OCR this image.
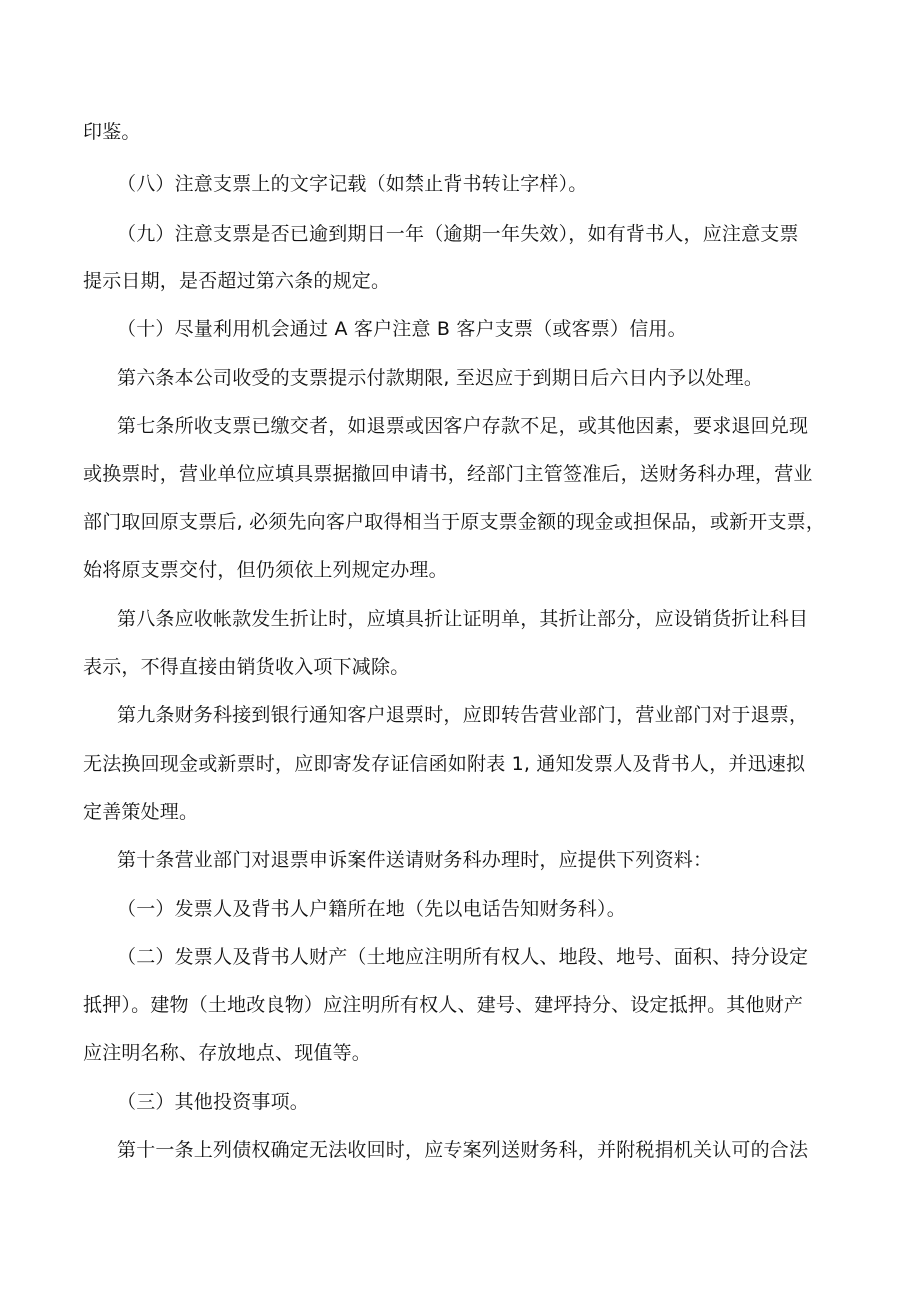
印鉴。
（八）注意支票上的文字记载（如禁止背书转让字样）。
（九）注意支票是否已逾到期日一年（逾期一年失效），如有背书人，应注意支票
提示日期，是否超过第六条的规定。
（十）尽量利用机会通过 A 客户注意 B 客户支票（或客票）信用。
第六条本公司收受的支票提示付款期限, 至迟应于到期日后六日内予以处理。
第七条所收支票已缴交者，如退票或因客户存款不足，或其他因素，要求退回兑现
或换票时，营业单位应填具票据撤回申请书，经部门主管签准后，送财务科办理，营业
部门取回原支票后, 必须先向客户取得相当于原支票金额的现金或担保品，或新开支票，
始将原支票交付，但仍须依上列规定办理。
第八条应收帐款发生折让时，应填具折让证明单，其折让部分，应设销货折让科目
表示，不得直接由销货收入项下减除。
第九条财务科接到银行通知客户退票时，应即转告营业部门，营业部门对于退票，
无法换回现金或新票时，应即寄发存证信函如附表 1, 通知发票人及背书人，并迅速拟
定善策处理。
第十条营业部门对退票申诉案件送请财务科办理时，应提供下列资料：
（一）发票人及背书人户籍所在地（先以电话告知财务科）。
（二）发票人及背书人财产（土地应注明所有权人、地段、地号、面积、持分设定
抵押）。建物（土地改良物）应注明所有权人、建号、建坪持分、设定抵押。其他财产
应注明名称、存放地点、现值等。
（三）其他投资事项。
第十一条上列债权确定无法收回时，应专案列送财务科，并附税捐机关认可的合法
